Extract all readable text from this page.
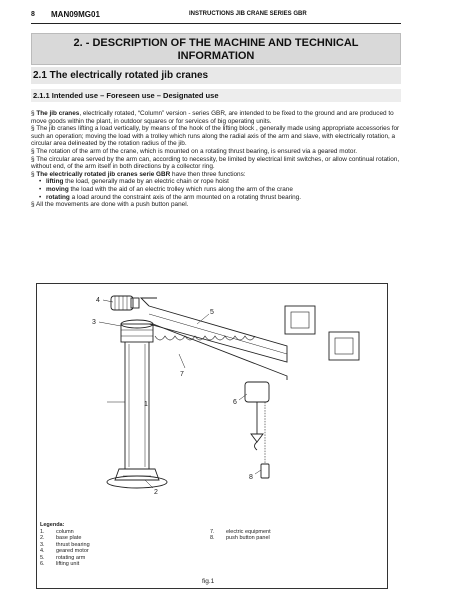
8 MAN09MG01	INSTRUCTIONS JIB CRANE SERIES GBR
2. - DESCRIPTION OF THE MACHINE AND TECHNICAL
INFORMATION
2.1 The electrically rotated jib cranes
2.1.1 Intended use – Foreseen use – Designated use

§ The jib cranes, electrically rotated, “Column” version - series GBR, are intended to be fixed to the ground and are produced to move goods within the plant, in outdoor squares or for services of big operating units.

§ The jib cranes lifting a load vertically, by means of the hook of the lifting block , generally made using appropriate accessories for such an operation; moving the load with a trolley which runs along the radial axis of the arm and slave, with electrically rotation, a circular area delineated by the rotation radius of the jib.

§ The rotation of the arm of the crane, which is mounted on a rotating thrust bearing, is ensured via a geared motor.

§ The circular area served by the arm can, according to necessity, be limited by electrical limit switches, or allow continual rotation, without end, of the arm itself in both directions by a collector ring.

§ The electrically rotated jib cranes serie GBR have then three functions:

• lifting the load, generally made by an electric chain or rope hoist
• moving the load with the aid of an electric trolley which runs along the arm of the crane
• rotating a load around the constraint axis of the arm mounted on a rotating thrust bearing.

§ All the movements are done with a push button panel.

1
2
3
4
5
6
7
8
Legenda:
1. column
2. base plate
3. thrust bearing
4. geared motor
5. rotating arm
6. lifting unit
7. electric equipment
8. push button panel
fig.1
